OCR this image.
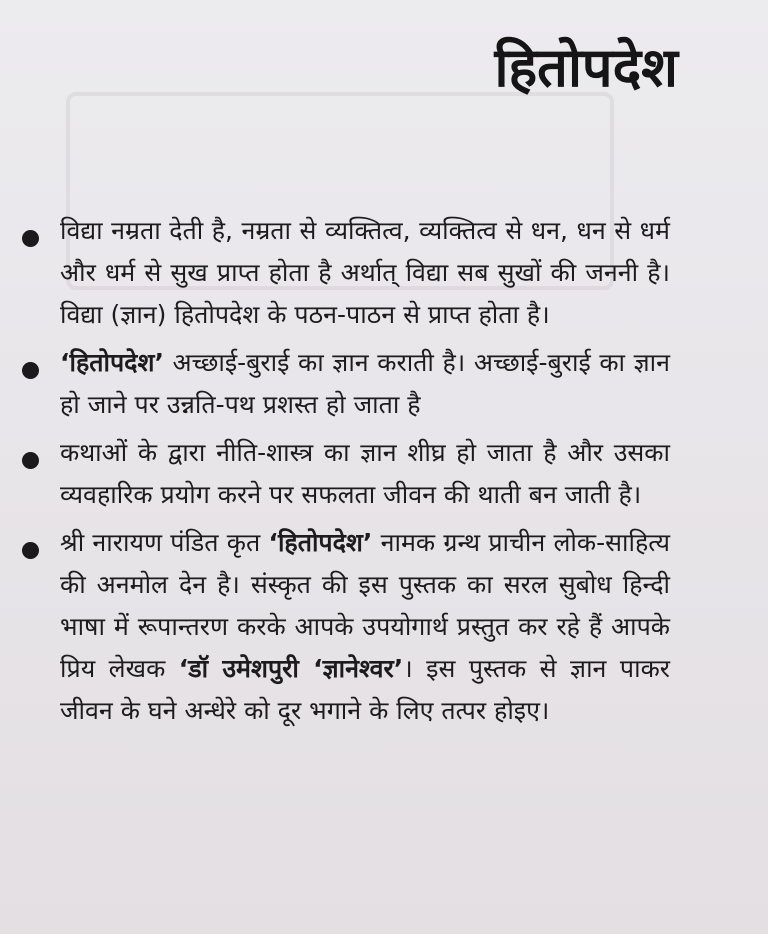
हितोपदेश
विद्या नम्रता देती है, नम्रता से व्यक्तित्व, व्यक्तित्व से धन, धन से धर्म और धर्म से सुख प्राप्त होता है अर्थात् विद्या सब सुखों की जननी है। विद्या (ज्ञान) हितोपदेश के पठन-पाठन से प्राप्त होता है।
‘हितोपदेश’ अच्छाई-बुराई का ज्ञान कराती है। अच्छाई-बुराई का ज्ञान हो जाने पर उन्नति-पथ प्रशस्त हो जाता है
कथाओं के द्वारा नीति-शास्त्र का ज्ञान शीघ्र हो जाता है और उसका व्यवहारिक प्रयोग करने पर सफलता जीवन की थाती बन जाती है।
श्री नारायण पंडित कृत ‘हितोपदेश’ नामक ग्रन्थ प्राचीन लोक-साहित्य की अनमोल देन है। संस्कृत की इस पुस्तक का सरल सुबोध हिन्दी भाषा में रूपान्तरण करके आपके उपयोगार्थ प्रस्तुत कर रहे हैं आपके प्रिय लेखक ‘डॉ उमेशपुरी ‘ज्ञानेश्वर’। इस पुस्तक से ज्ञान पाकर जीवन के घने अन्धेरे को दूर भगाने के लिए तत्पर होइए।
